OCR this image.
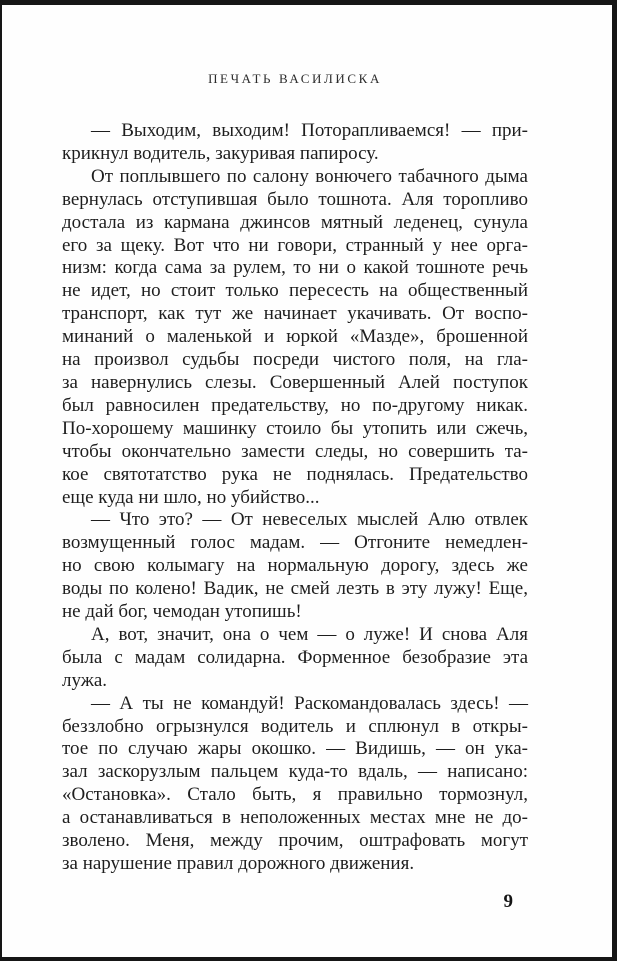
ПЕЧАТЬ ВАСИЛИСКА
— Выходим, выходим! Поторапливаемся! — при-
крикнул водитель, закуривая папиросу.
От поплывшего по салону вонючего табачного дыма
вернулась отступившая было тошнота. Аля торопливо
достала из кармана джинсов мятный леденец, сунула
его за щеку. Вот что ни говори, странный у нее орга-
низм: когда сама за рулем, то ни о какой тошноте речь
не идет, но стоит только пересесть на общественный
транспорт, как тут же начинает укачивать. От воспо-
минаний о маленькой и юркой «Мазде», брошенной
на произвол судьбы посреди чистого поля, на гла-
за навернулись слезы. Совершенный Алей поступок
был равносилен предательству, но по-другому никак.
По-хорошему машинку стоило бы утопить или сжечь,
чтобы окончательно замести следы, но совершить та-
кое святотатство рука не поднялась. Предательство
еще куда ни шло, но убийство...
— Что это? — От невеселых мыслей Алю отвлек
возмущенный голос мадам. — Отгоните немедлен-
но свою колымагу на нормальную дорогу, здесь же
воды по колено! Вадик, не смей лезть в эту лужу! Еще,
не дай бог, чемодан утопишь!
А, вот, значит, она о чем — о луже! И снова Аля
была с мадам солидарна. Форменное безобразие эта
лужа.
— А ты не командуй! Раскомандовалась здесь! —
беззлобно огрызнулся водитель и сплюнул в откры-
тое по случаю жары окошко. — Видишь, — он ука-
зал заскорузлым пальцем куда-то вдаль, — написано:
«Остановка». Стало быть, я правильно тормознул,
а останавливаться в неположенных местах мне не до-
зволено. Меня, между прочим, оштрафовать могут
за нарушение правил дорожного движения.
9
